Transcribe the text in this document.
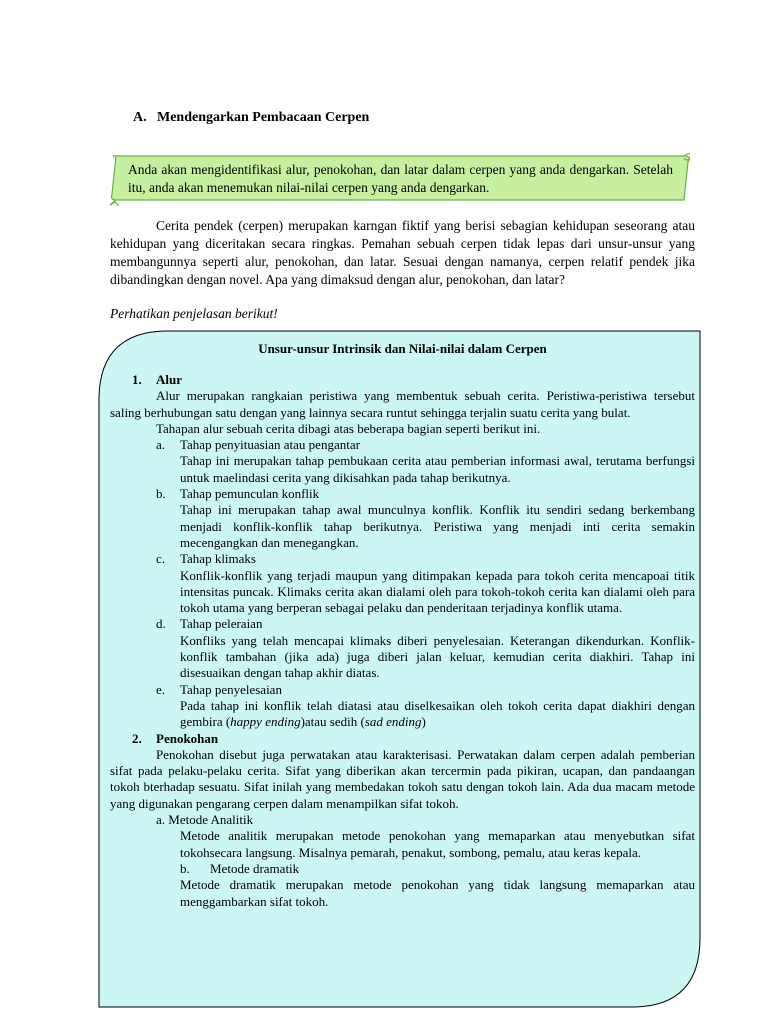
A. Mendengarkan Pembacaan Cerpen
Anda akan mengidentifikasi alur, penokohan, dan latar dalam cerpen yang anda dengarkan. Setelah itu, anda akan menemukan nilai-nilai cerpen yang anda dengarkan.
Cerita pendek (cerpen) merupakan karngan fiktif yang berisi sebagian kehidupan seseorang atau kehidupan yang diceritakan secara ringkas. Pemahan sebuah cerpen tidak lepas dari unsur-unsur yang membangunnya seperti alur, penokohan, dan latar. Sesuai dengan namanya, cerpen relatif pendek jika dibandingkan dengan novel. Apa yang dimaksud dengan alur, penokohan, dan latar?
Perhatikan penjelasan berikut!
Unsur-unsur Intrinsik dan Nilai-nilai dalam Cerpen
1. Alur
Alur merupakan rangkaian peristiwa yang membentuk sebuah cerita. Peristiwa-peristiwa tersebut saling berhubungan satu dengan yang lainnya secara runtut sehingga terjalin suatu cerita yang bulat.
Tahapan alur sebuah cerita dibagi atas beberapa bagian seperti berikut ini.
a. Tahap penyituasian atau pengantar
Tahap ini merupakan tahap pembukaan cerita atau pemberian informasi awal, terutama berfungsi untuk maelindasi cerita yang dikisahkan pada tahap berikutnya.
b. Tahap pemunculan konflik
Tahap ini merupakan tahap awal munculnya konflik. Konflik itu sendiri sedang berkembang menjadi konflik-konflik tahap berikutnya. Peristiwa yang menjadi inti cerita semakin mecengangkan dan menegangkan.
c. Tahap klimaks
Konflik-konflik yang terjadi maupun yang ditimpakan kepada para tokoh cerita mencapoai titik intensitas puncak. Klimaks cerita akan dialami oleh para tokoh-tokoh cerita kan dialami oleh para tokoh utama yang berperan sebagai pelaku dan penderitaan terjadinya konflik utama.
d. Tahap peleraian
Konfliks yang telah mencapai klimaks diberi penyelesaian. Keterangan dikendurkan. Konflik-konflik tambahan (jika ada) juga diberi jalan keluar, kemudian cerita diakhiri. Tahap ini disesuaikan dengan tahap akhir diatas.
e. Tahap penyelesaian
Pada tahap ini konflik telah diatasi atau diselkesaikan oleh tokoh cerita dapat diakhiri dengan gembira (happy ending)atau sedih (sad ending)
2. Penokohan
Penokohan disebut juga perwatakan atau karakterisasi. Perwatakan dalam cerpen adalah pemberian sifat pada pelaku-pelaku cerita. Sifat yang diberikan akan tercermin pada pikiran, ucapan, dan pandaangan tokoh bterhadap sesuatu. Sifat inilah yang membedakan tokoh satu dengan tokoh lain. Ada dua macam metode yang digunakan pengarang cerpen dalam menampilkan sifat tokoh.
a. Metode Analitik
Metode analitik merupakan metode penokohan yang memaparkan atau menyebutkan sifat tokohsecara langsung. Misalnya pemarah, penakut, sombong, pemalu, atau keras kepala.
b. Metode dramatik
Metode dramatik merupakan metode penokohan yang tidak langsung memaparkan atau menggambarkan sifat tokoh.
